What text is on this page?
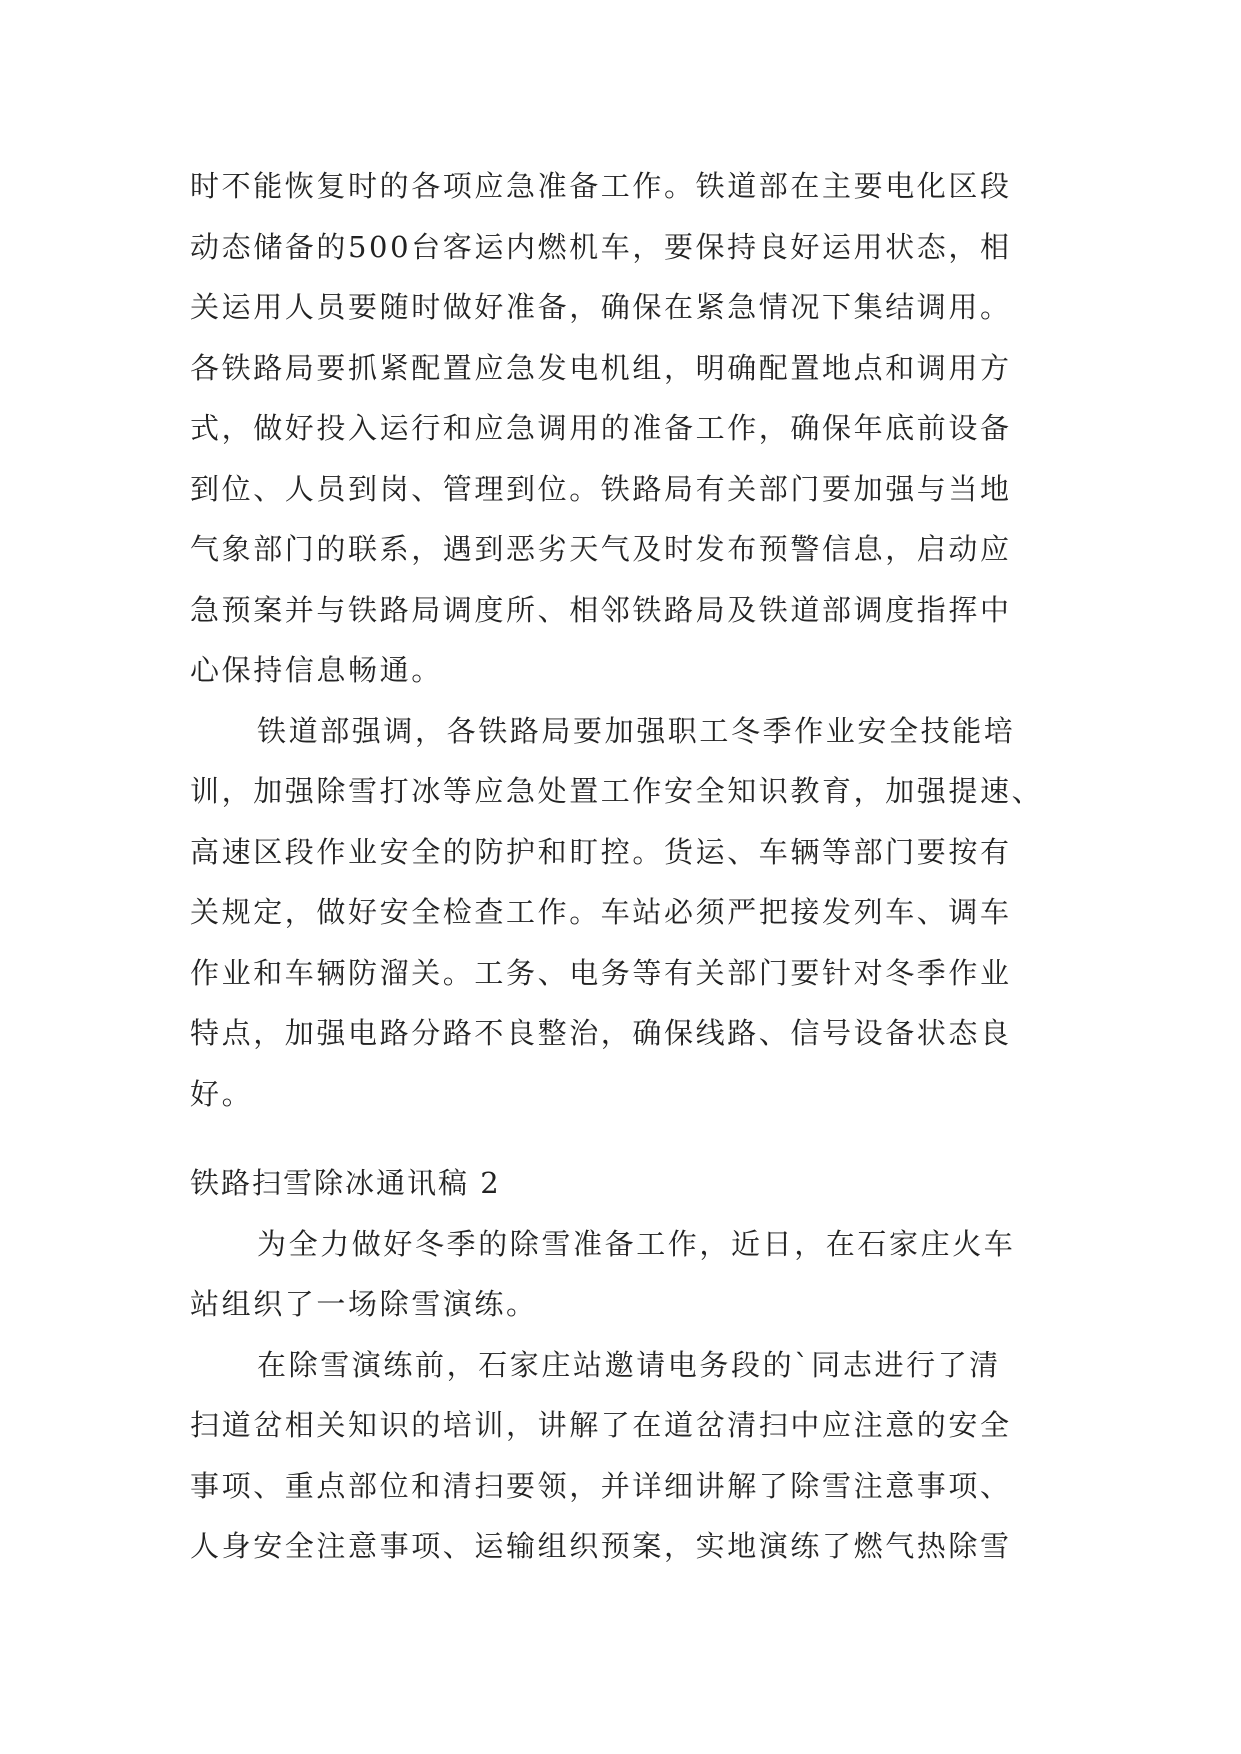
时不能恢复时的各项应急准备工作。铁道部在主要电化区段
动态储备的500台客运内燃机车，要保持良好运用状态，相
关运用人员要随时做好准备，确保在紧急情况下集结调用。
各铁路局要抓紧配置应急发电机组，明确配置地点和调用方
式，做好投入运行和应急调用的准备工作，确保年底前设备
到位、人员到岗、管理到位。铁路局有关部门要加强与当地
气象部门的联系，遇到恶劣天气及时发布预警信息，启动应
急预案并与铁路局调度所、相邻铁路局及铁道部调度指挥中
心保持信息畅通。
铁道部强调，各铁路局要加强职工冬季作业安全技能培
训，加强除雪打冰等应急处置工作安全知识教育，加强提速、
高速区段作业安全的防护和盯控。货运、车辆等部门要按有
关规定，做好安全检查工作。车站必须严把接发列车、调车
作业和车辆防溜关。工务、电务等有关部门要针对冬季作业
特点，加强电路分路不良整治，确保线路、信号设备状态良
好。
铁路扫雪除冰通讯稿 2
为全力做好冬季的除雪准备工作，近日，在石家庄火车
站组织了一场除雪演练。
在除雪演练前，石家庄站邀请电务段的`同志进行了清
扫道岔相关知识的培训，讲解了在道岔清扫中应注意的安全
事项、重点部位和清扫要领，并详细讲解了除雪注意事项、
人身安全注意事项、运输组织预案，实地演练了燃气热除雪
